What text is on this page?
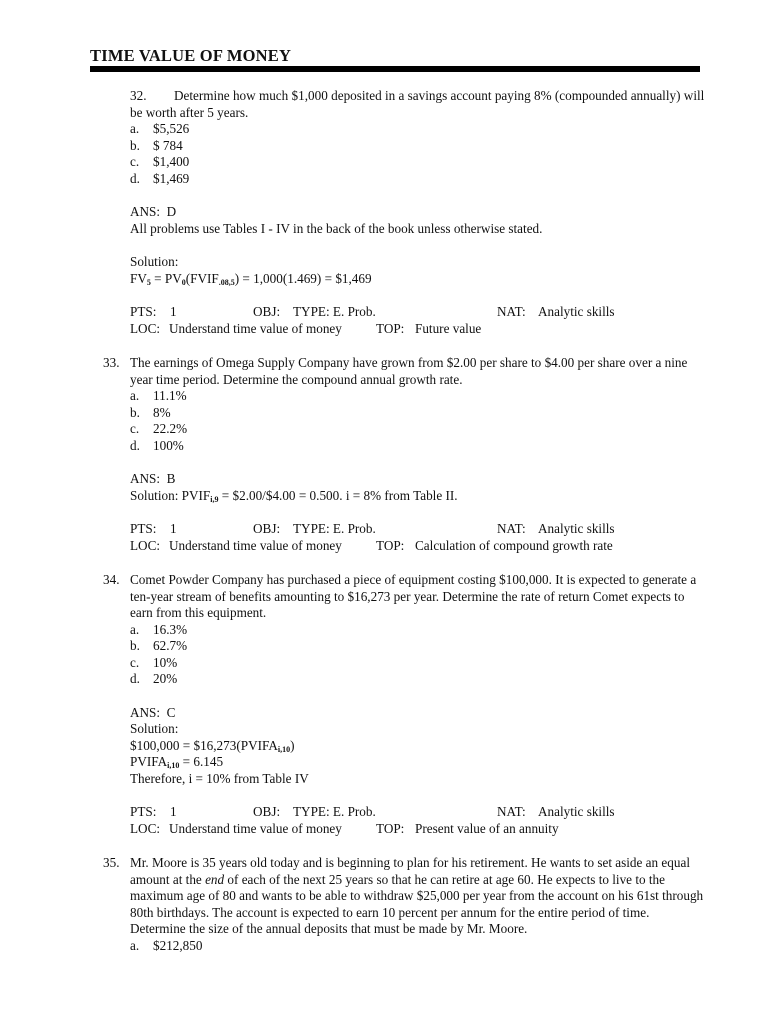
TIME VALUE OF MONEY
32.	Determine how much $1,000 deposited in a savings account paying 8% (compounded annually) will be worth after 5 years.
a.	$5,526
b. $ 784
c.	$1,400
d. $1,469
ANS:  D
All problems use Tables I - IV in the back of the book unless otherwise stated.
Solution:
$FV_5$ = $PV_0(FVIF_{.08,5}) = 1,000(1.469)$ = $1,469
PTS: 1	OBJ: TYPE: E. Prob.	NAT: Analytic skills
LOC: Understand time value of money	TOP: Future value
33. The earnings of Omega Supply Company have grown from $2.00 per share to $4.00 per share over a nine year time period. Determine the compound annual growth rate.
a.	11.1%
b. 8%
c.	22.2%
d. 100%
ANS:  B
Solution: $PVIF_{i,9}$ = $2.00/$4.00 = 0.500. i = 8% from Table II.
PTS: 1	OBJ: TYPE: E. Prob.	NAT: Analytic skills
LOC: Understand time value of money	TOP: Calculation of compound growth rate
34. Comet Powder Company has purchased a piece of equipment costing $100,000. It is expected to generate a ten-year stream of benefits amounting to $16,273 per year. Determine the rate of return Comet expects to earn from this equipment.
a.	16.3%
b. 62.7%
c.	10%
d. 20%
ANS:  C
Solution:
$100,000 = $\$16,273(PVIFA_{i,10})$
$PVIFA_{i,10} = 6.145$
Therefore, i = 10% from Table IV
PTS: 1	OBJ: TYPE: E. Prob.	NAT: Analytic skills
LOC: Understand time value of money	TOP: Present value of an annuity
35. Mr. Moore is 35 years old today and is beginning to plan for his retirement. He wants to set aside an equal amount at the end of each of the next 25 years so that he can retire at age 60. He expects to live to the maximum age of 80 and wants to be able to withdraw $25,000 per year from the account on his 61st through 80th birthdays. The account is expected to earn 10 percent per annum for the entire period of time. Determine the size of the annual deposits that must be made by Mr. Moore.
a.	$212,850
